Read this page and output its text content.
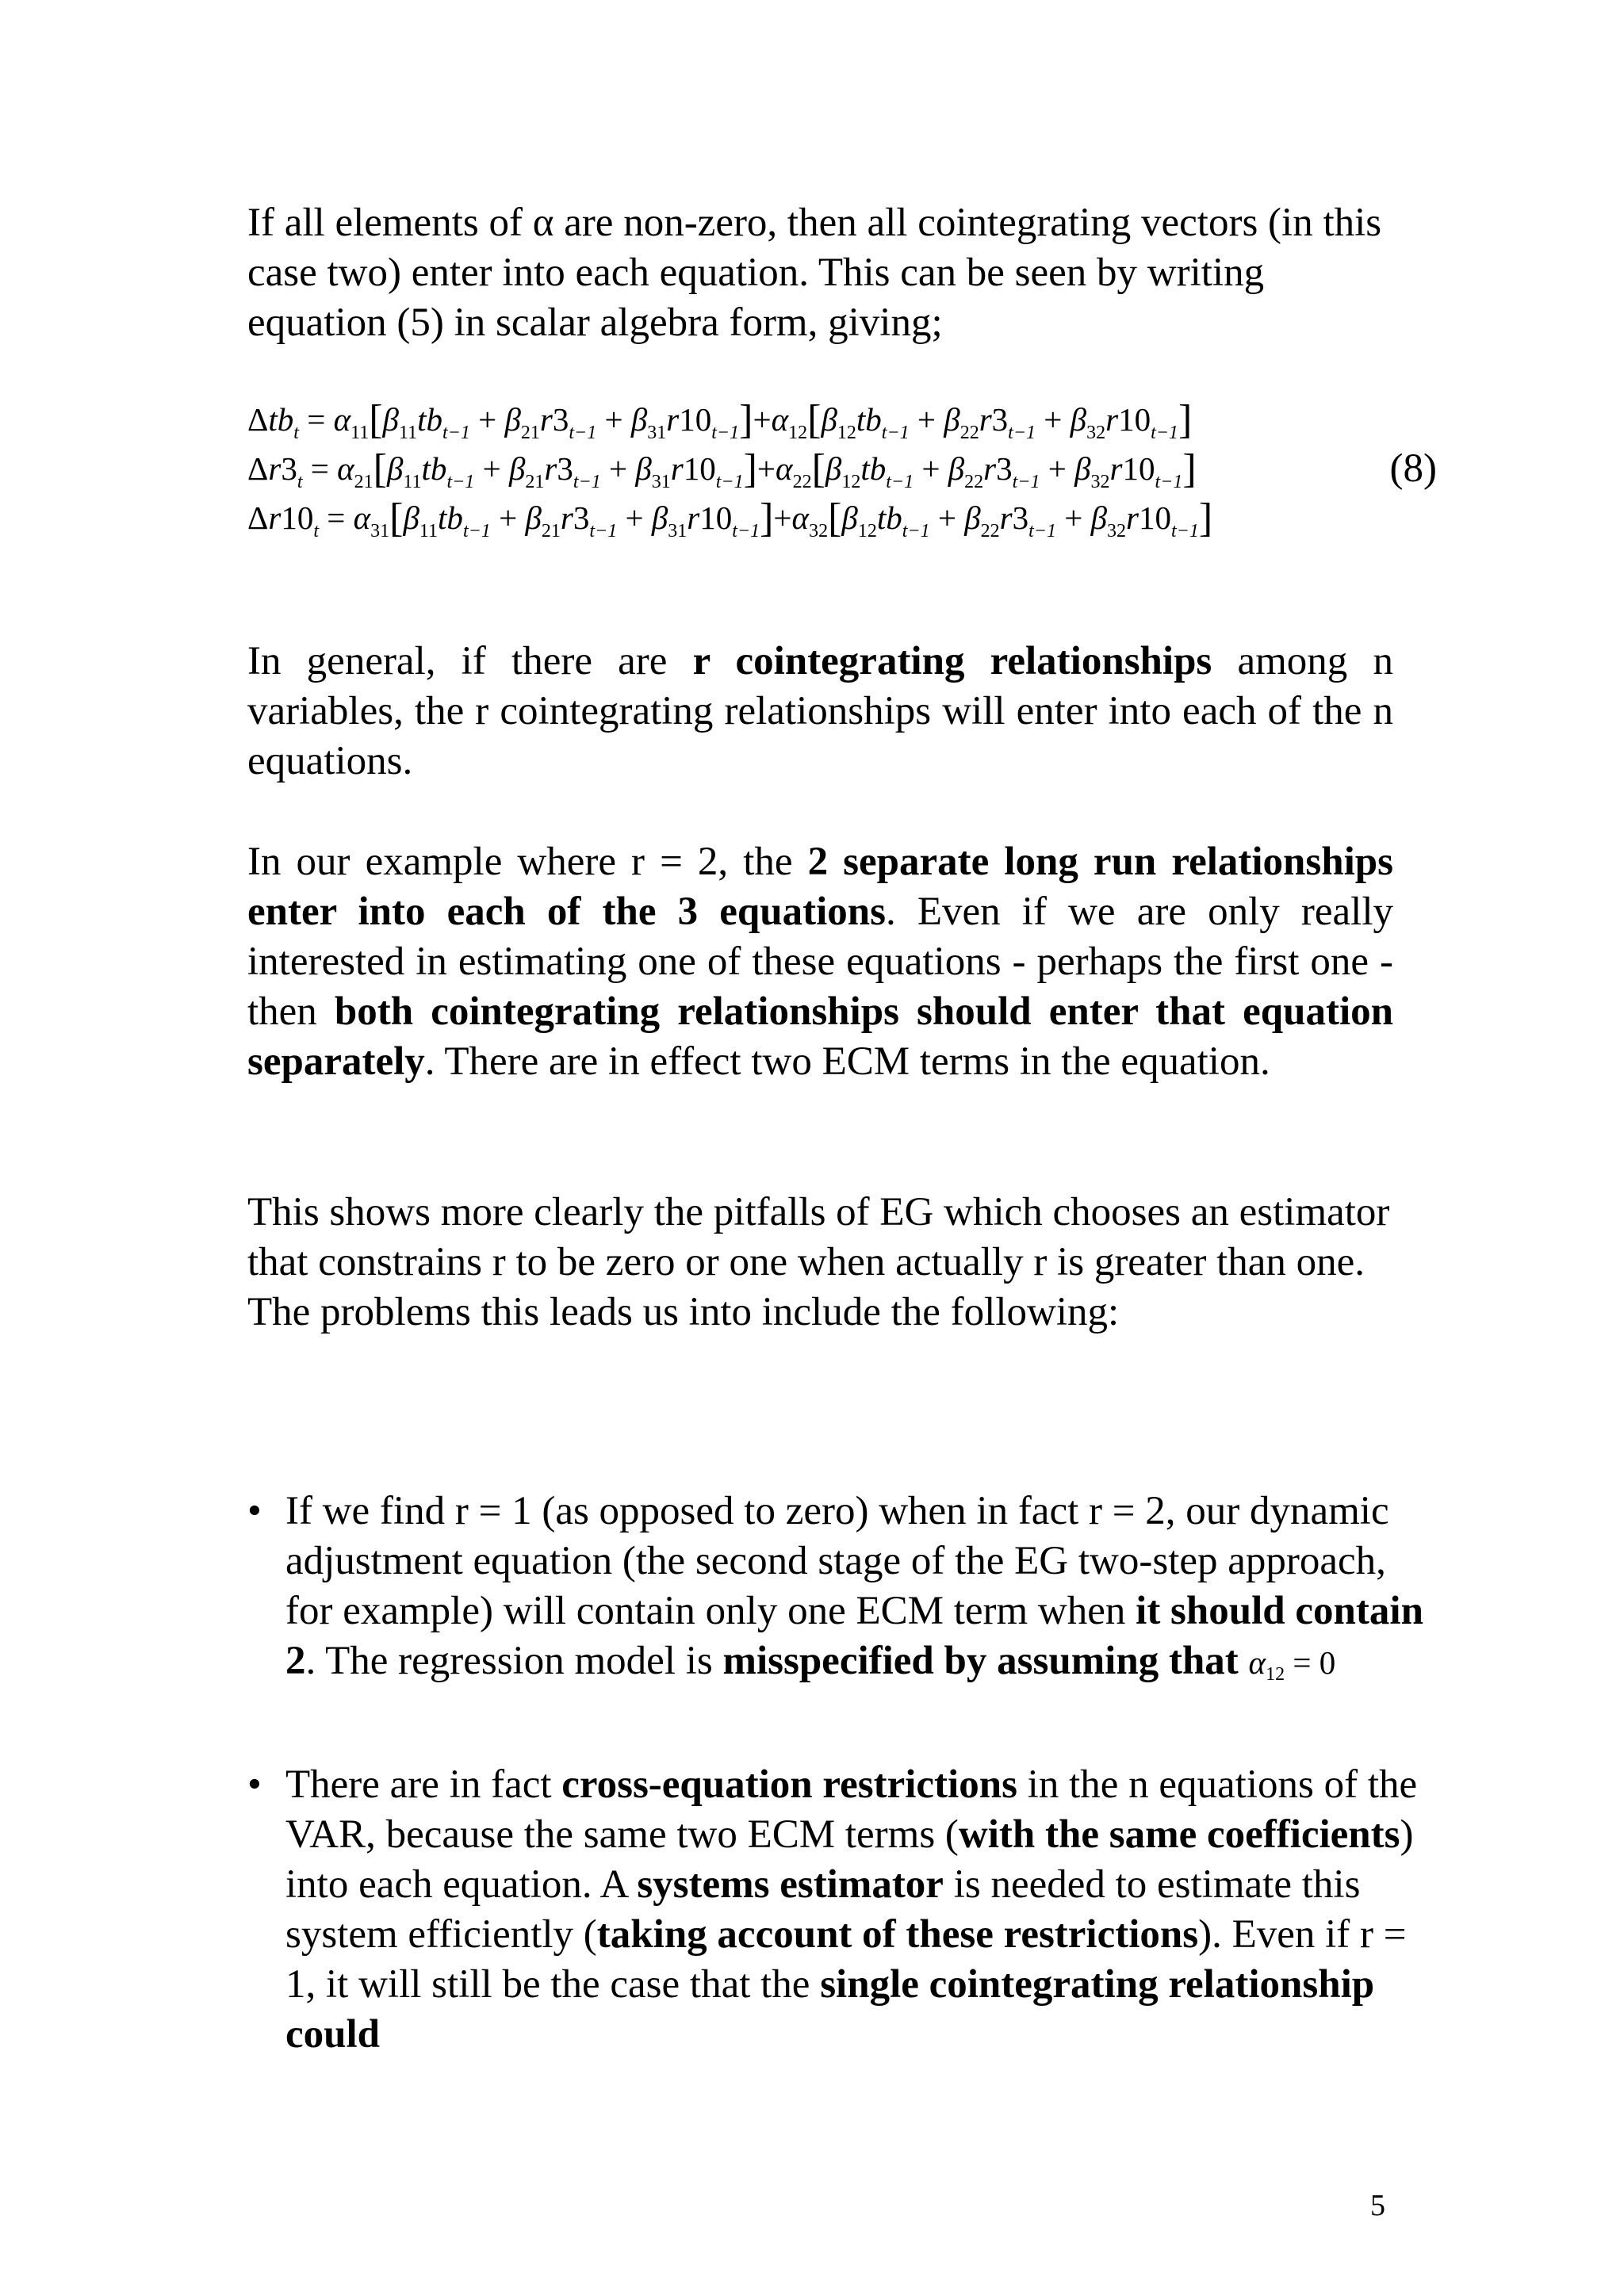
If all elements of α are non-zero, then all cointegrating vectors (in this case two) enter into each equation. This can be seen by writing equation (5) in scalar algebra form, giving;

$\Delta tb_t = \alpha_{11}[\beta_{11}tb_{t-1} + \beta_{21}r3_{t-1} + \beta_{31}r10_{t-1}]+\alpha_{12}[\beta_{12}tb_{t-1} + \beta_{22}r3_{t-1} + \beta_{32}r10_{t-1}]$
$\Delta r3_t = \alpha_{21}[\beta_{11}tb_{t-1} + \beta_{21}r3_{t-1} + \beta_{31}r10_{t-1}]+\alpha_{22}[\beta_{12}tb_{t-1} + \beta_{22}r3_{t-1} + \beta_{32}r10_{t-1}]$
$\Delta r10_t = \alpha_{31}[\beta_{11}tb_{t-1} + \beta_{21}r3_{t-1} + \beta_{31}r10_{t-1}]+\alpha_{32}[\beta_{12}tb_{t-1} + \beta_{22}r3_{t-1} + \beta_{32}r10_{t-1}]$
(8)

In general, if there are r cointegrating relationships among n variables, the r cointegrating relationships will enter into each of the n equations.

In our example where r = 2, the 2 separate long run relationships enter into each of the 3 equations. Even if we are only really interested in estimating one of these equations - perhaps the first one - then both cointegrating relationships should enter that equation separately. There are in effect two ECM terms in the equation.

This shows more clearly the pitfalls of EG which chooses an estimator that constrains r to be zero or one when actually r is greater than one. The problems this leads us into include the following:

• If we find r = 1 (as opposed to zero) when in fact r = 2, our dynamic adjustment equation (the second stage of the EG two-step approach, for example) will contain only one ECM term when it should contain 2. The regression model is misspecified by assuming that $\alpha_{12} = 0$

• There are in fact cross-equation restrictions in the n equations of the VAR, because the same two ECM terms (with the same coefficients) into each equation. A systems estimator is needed to estimate this system efficiently (taking account of these restrictions). Even if r = 1, it will still be the case that the single cointegrating relationship could

5
